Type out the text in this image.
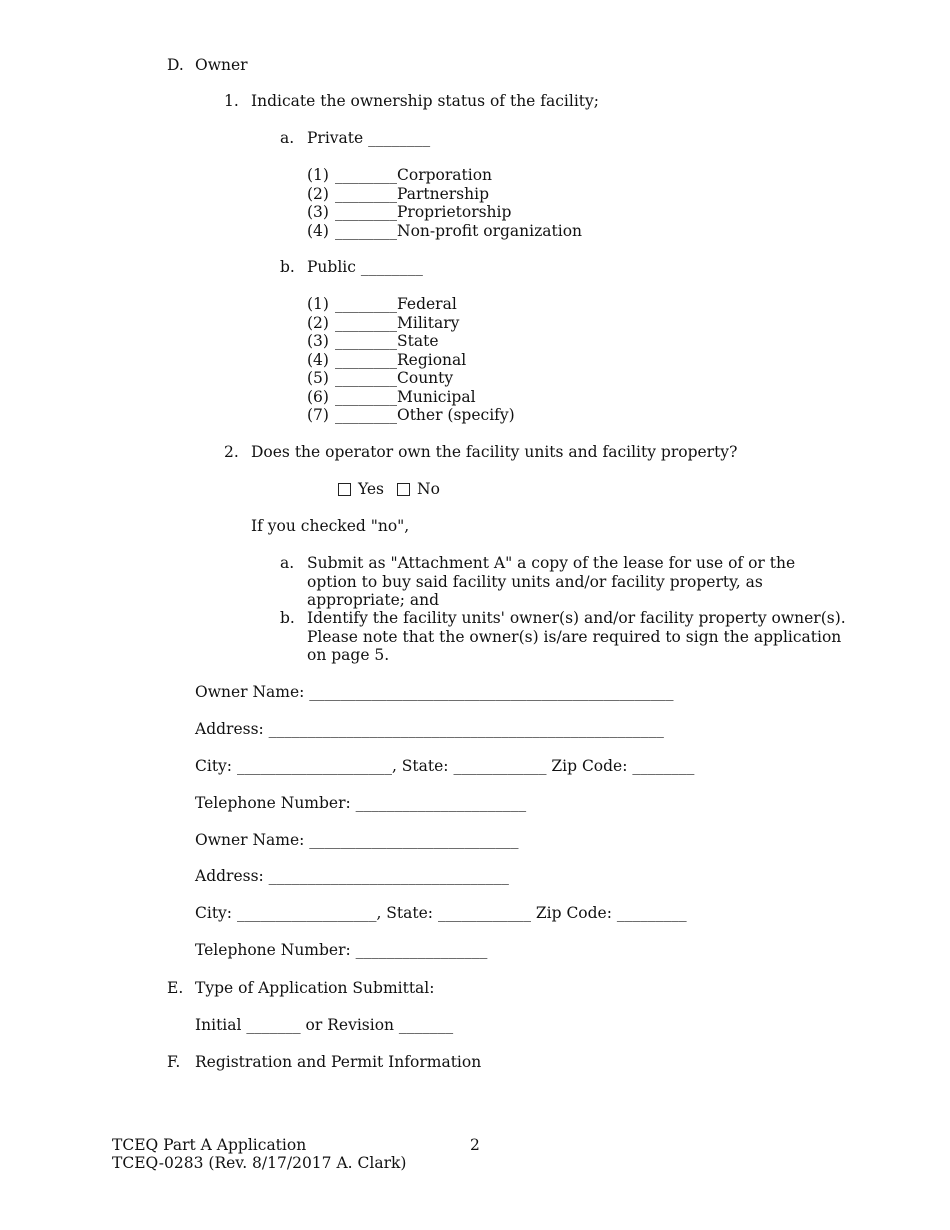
D. Owner
1. Indicate the ownership status of the facility;
a. Private ________
(1) ________Corporation
(2) ________Partnership
(3) ________Proprietorship
(4) ________Non-profit organization
b. Public ________
(1) ________Federal
(2) ________Military
(3) ________State
(4) ________Regional
(5) ________County
(6) ________Municipal
(7) ________Other (specify)
2. Does the operator own the facility units and facility property?
Yes No
If you checked "no",
a. Submit as "Attachment A" a copy of the lease for use of or the option to buy said facility units and/or facility property, as appropriate; and
b. Identify the facility units' owner(s) and/or facility property owner(s). Please note that the owner(s) is/are required to sign the application on page 5.
Owner Name: _______________________________________________
Address: ___________________________________________________
City: ____________________, State: ____________ Zip Code: ________
Telephone Number: ______________________
Owner Name: ___________________________
Address: _______________________________
City: __________________, State: ____________ Zip Code: _________
Telephone Number: _________________
E. Type of Application Submittal:
Initial _______ or Revision _______
F. Registration and Permit Information
TCEQ Part A Application
TCEQ-0283 (Rev. 8/17/2017 A. Clark)
2
